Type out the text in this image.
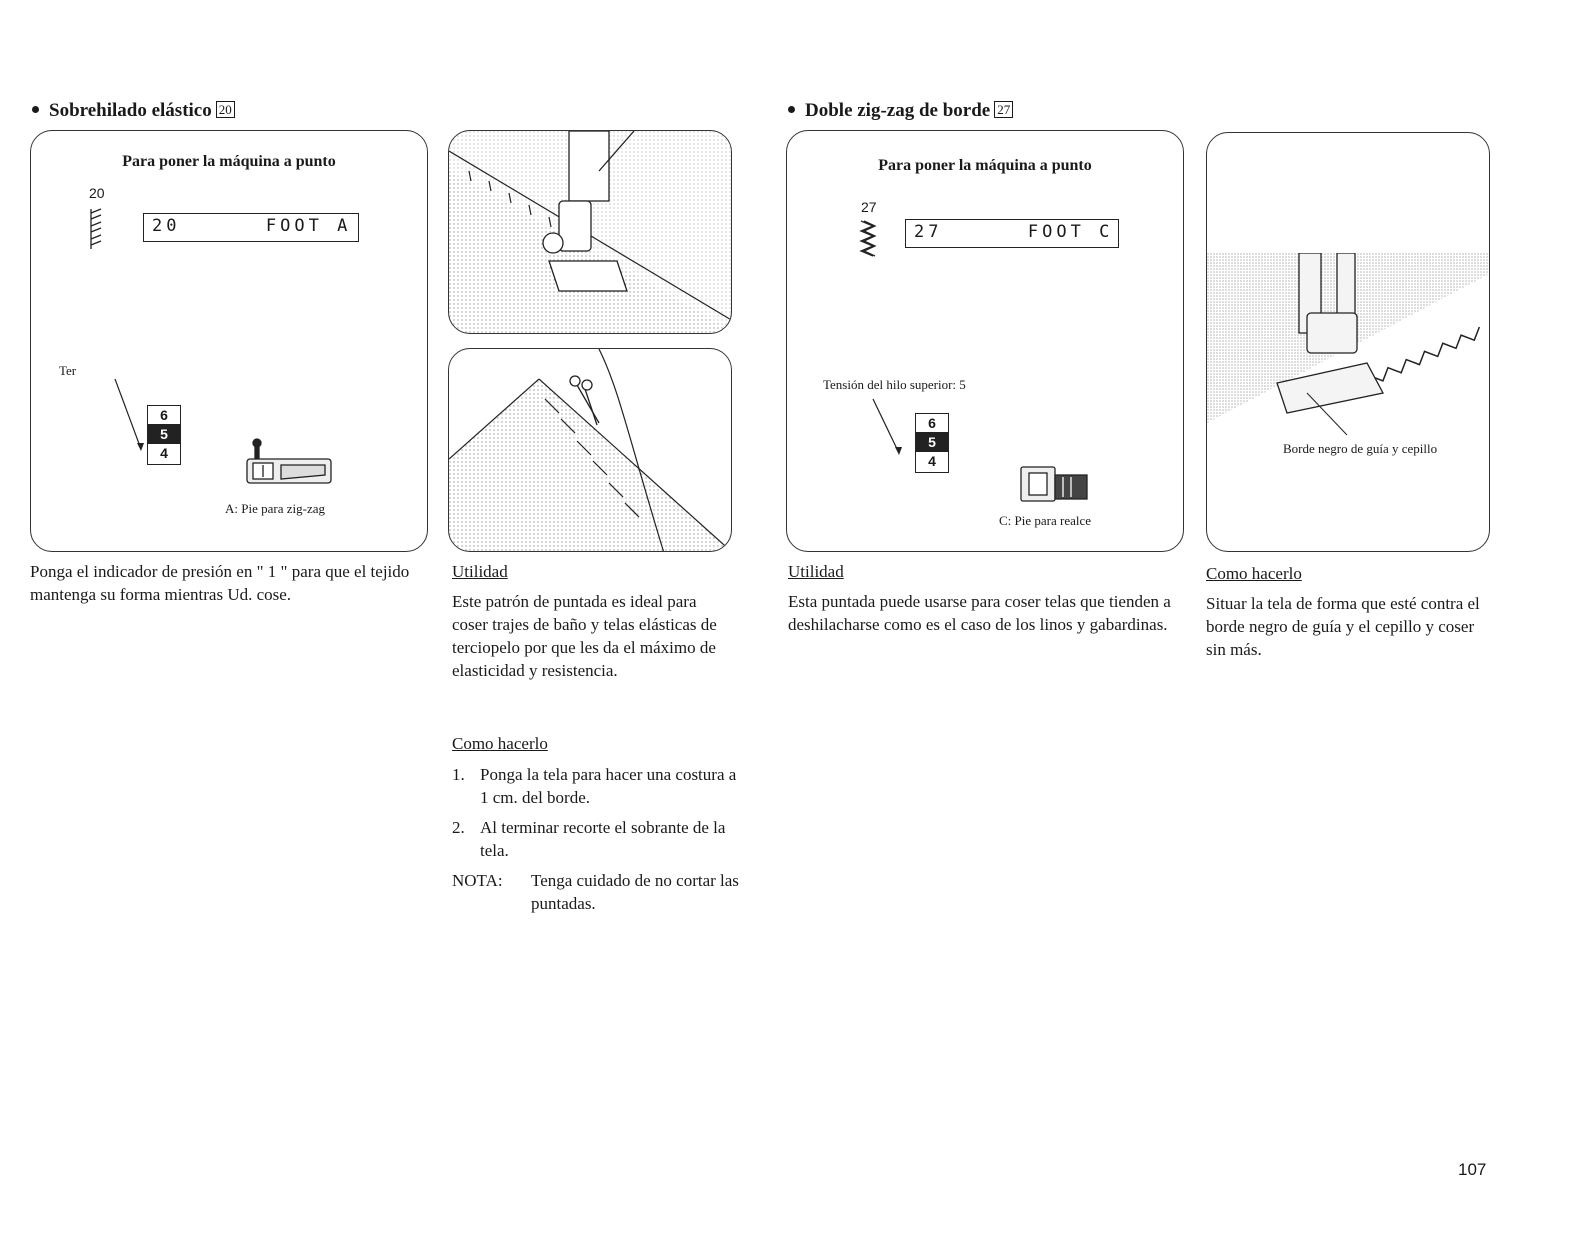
Sobrehilado elástico 20
Para poner la máquina a punto
20
20	FOOT A
Ter
6
5
4
A: Pie para zig-zag
Ponga el indicador de presión en " 1 " para que el tejido mantenga su forma mientras Ud. cose.
Utilidad
Este patrón de puntada es ideal para coser trajes de baño y telas elásticas de terciopelo por que les da el máximo de elasticidad y resistencia.
Como hacerlo
1. Ponga la tela para hacer una costura a 1 cm. del borde.
2. Al terminar recorte el sobrante de la tela.
NOTA:	Tenga cuidado de no cortar las puntadas.
Doble zig-zag de borde 27
Para poner la máquina a punto
27
27	FOOT C
Tensión del hilo superior: 5
6
5
4
C: Pie para realce
Utilidad
Esta puntada puede usarse para coser telas que tienden a deshilacharse como es el caso de los linos y gabardinas.
Borde negro de guía y cepillo
Como hacerlo
Situar la tela de forma que esté contra el borde negro de guía y el cepillo y coser sin más.
107
